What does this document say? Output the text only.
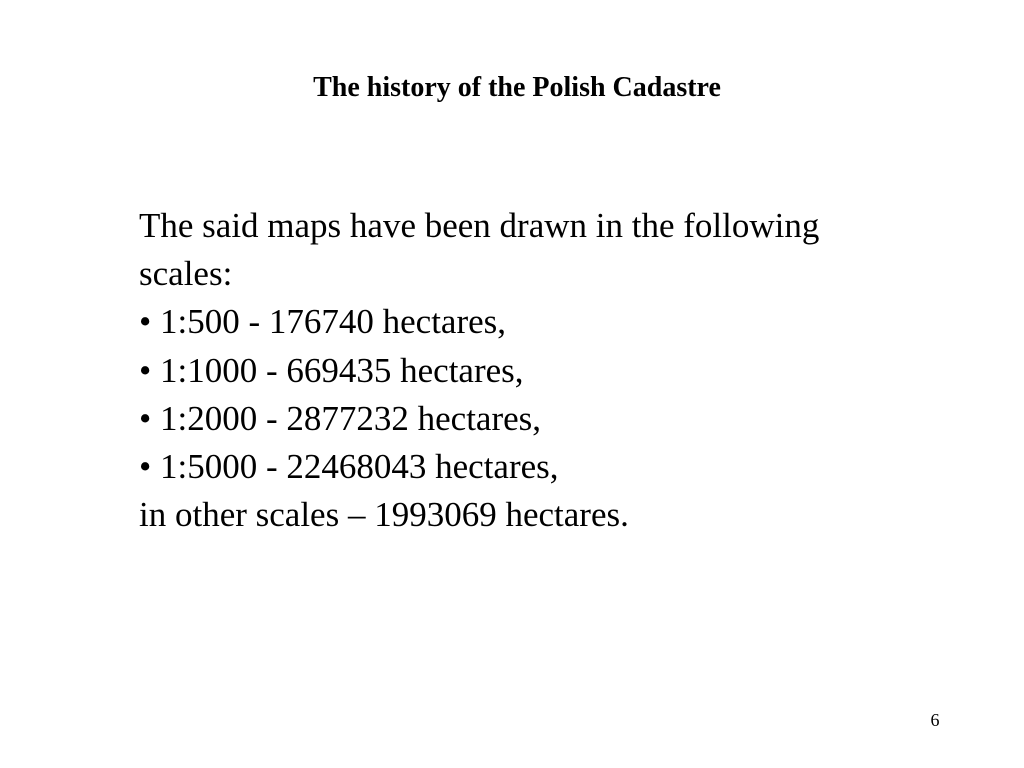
The history of the Polish Cadastre
The said maps have been drawn in the following
scales:
• 1:500 - 176740 hectares,
• 1:1000 - 669435 hectares,
• 1:2000 - 2877232 hectares,
• 1:5000 - 22468043 hectares,
in other scales – 1993069 hectares.
6
